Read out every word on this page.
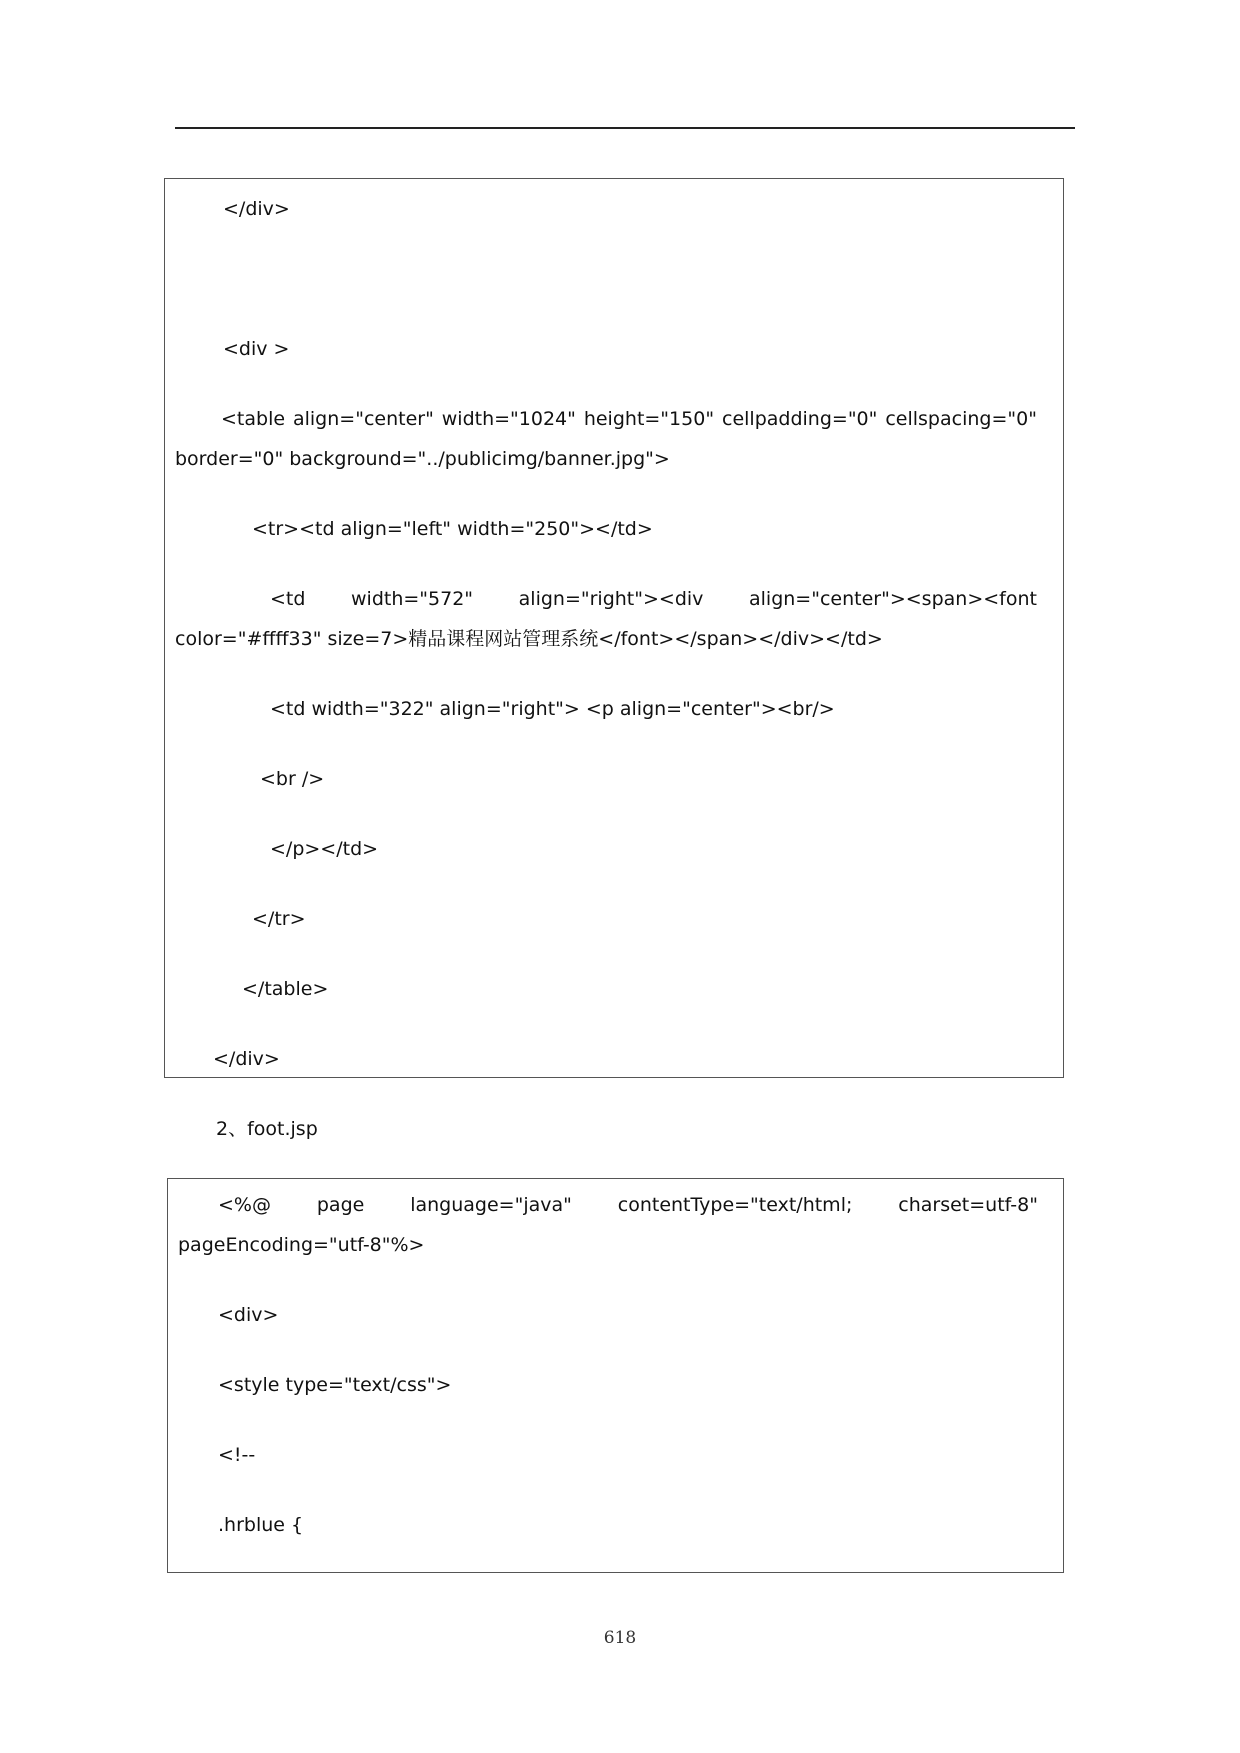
</div>
<div >
<table align="center" width="1024" height="150" cellpadding="0" cellspacing="0"
border="0" background="../publicimg/banner.jpg">
<tr><td align="left" width="250"></td>
<td width="572" align="right"><div align="center"><span><font
color="#ffff33" size=7>精品课程网站管理系统</font></span></div></td>
<td width="322" align="right"> <p align="center"><br/>
<br />
</p></td>
</tr>
</table>
</div>
2、foot.jsp
<%@ page language="java" contentType="text/html; charset=utf-8"
pageEncoding="utf-8"%>
<div>
<style type="text/css">
<!--
.hrblue {
618
